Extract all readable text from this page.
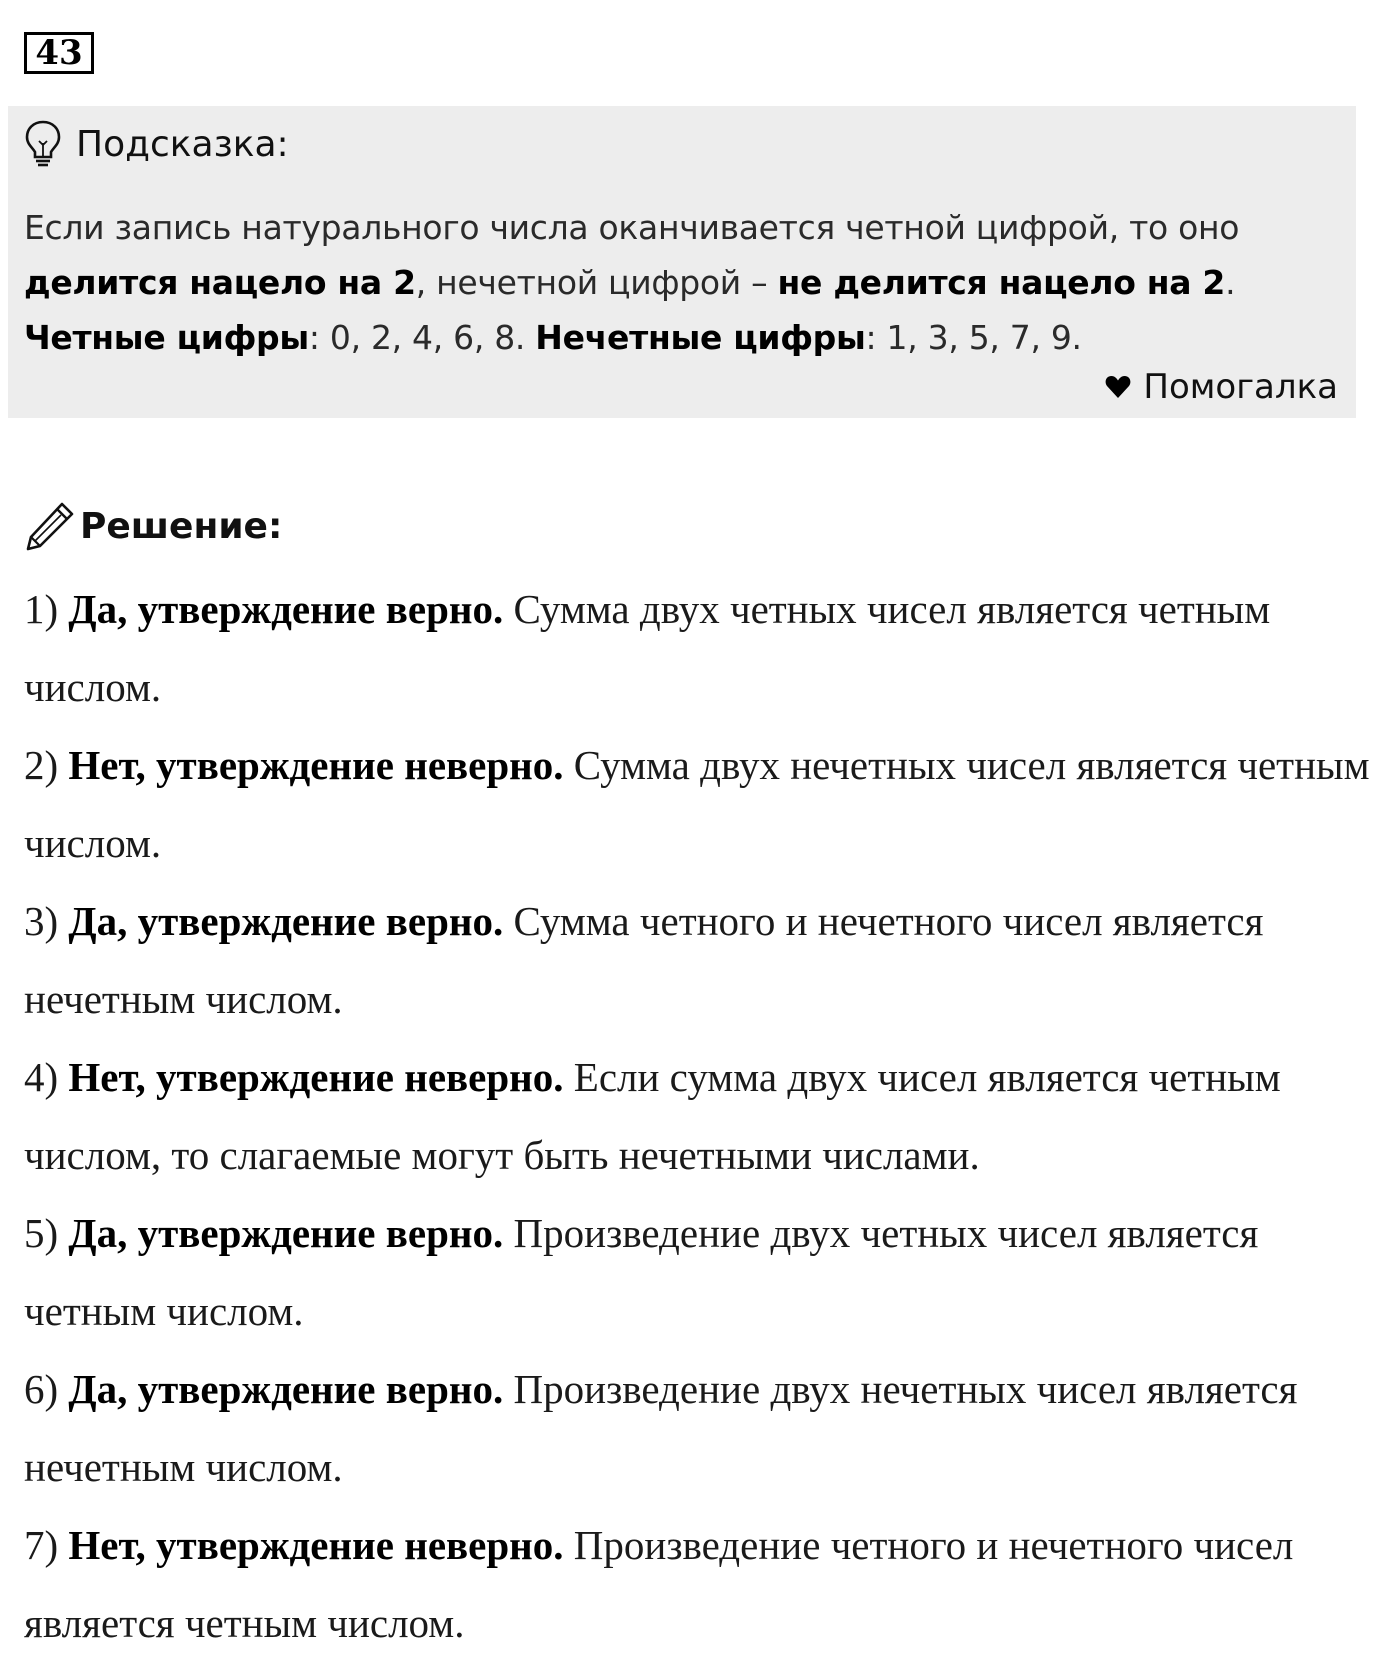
43
Подсказка:
Если запись натурального числа оканчивается четной цифрой, то оно
делится нацело на 2, нечетной цифрой – не делится нацело на 2.
Четные цифры: 0, 2, 4, 6, 8. Нечетные цифры: 1, 3, 5, 7, 9.
Помогалка
Решение:
1) Да, утверждение верно. Сумма двух четных чисел является четным числом.
2) Нет, утверждение неверно. Сумма двух нечетных чисел является четным числом.
3) Да, утверждение верно. Сумма четного и нечетного чисел является нечетным числом.
4) Нет, утверждение неверно. Если сумма двух чисел является четным числом, то слагаемые могут быть нечетными числами.
5) Да, утверждение верно. Произведение двух четных чисел является четным числом.
6) Да, утверждение верно. Произведение двух нечетных чисел является нечетным числом.
7) Нет, утверждение неверно. Произведение четного и нечетного чисел является четным числом.
